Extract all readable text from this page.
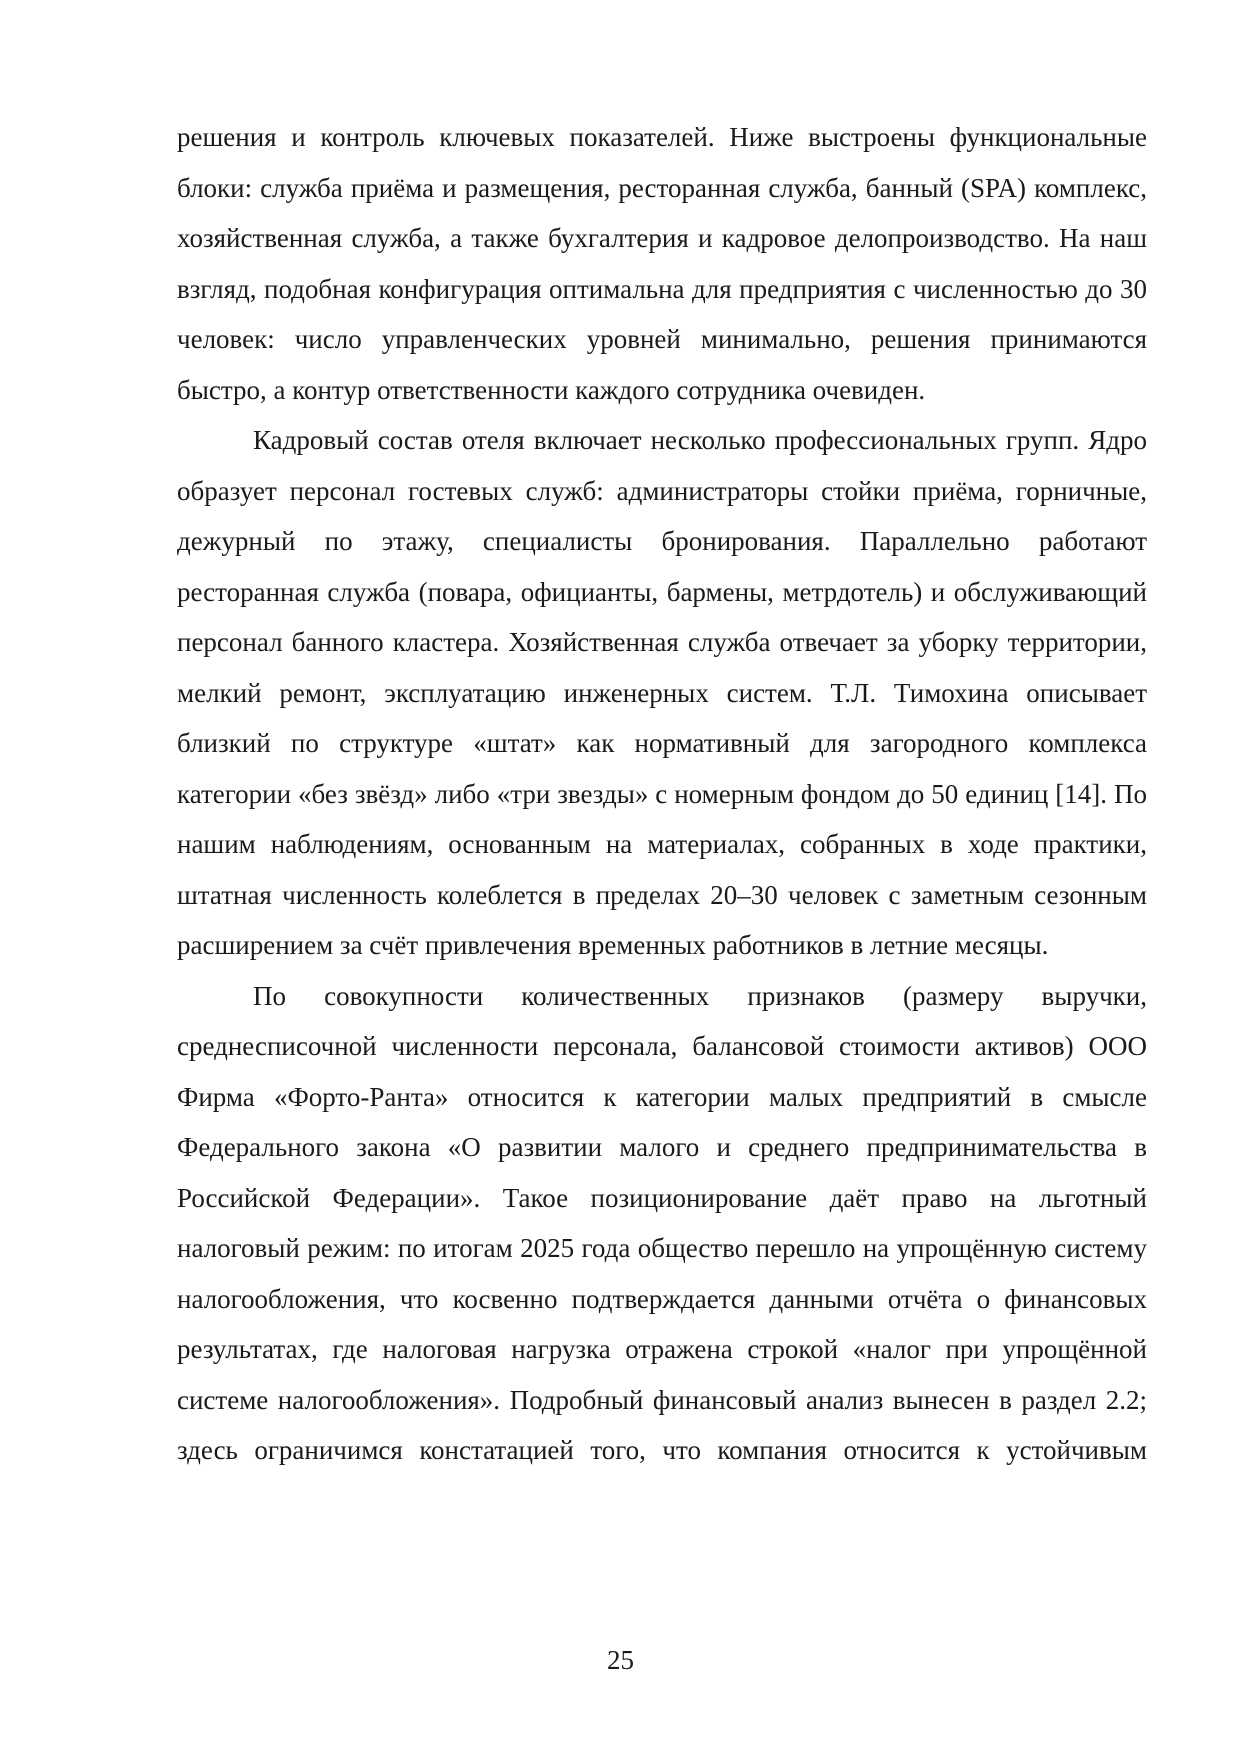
решения и контроль ключевых показателей. Ниже выстроены функциональные блоки: служба приёма и размещения, ресторанная служба, банный (SPA) комплекс, хозяйственная служба, а также бухгалтерия и кадровое делопроизводство. На наш взгляд, подобная конфигурация оптимальна для предприятия с численностью до 30 человек: число управленческих уровней минимально, решения принимаются быстро, а контур ответственности каждого сотрудника очевиден.

Кадровый состав отеля включает несколько профессиональных групп. Ядро образует персонал гостевых служб: администраторы стойки приёма, горничные, дежурный по этажу, специалисты бронирования. Параллельно работают ресторанная служба (повара, официанты, бармены, метрдотель) и обслуживающий персонал банного кластера. Хозяйственная служба отвечает за уборку территории, мелкий ремонт, эксплуатацию инженерных систем. Т.Л. Тимохина описывает близкий по структуре «штат» как нормативный для загородного комплекса категории «без звёзд» либо «три звезды» с номерным фондом до 50 единиц [14]. По нашим наблюдениям, основанным на материалах, собранных в ходе практики, штатная численность колеблется в пределах 20–30 человек с заметным сезонным расширением за счёт привлечения временных работников в летние месяцы.

По совокупности количественных признаков (размеру выручки, среднесписочной численности персонала, балансовой стоимости активов) ООО Фирма «Форто-Ранта» относится к категории малых предприятий в смысле Федерального закона «О развитии малого и среднего предпринимательства в Российской Федерации». Такое позиционирование даёт право на льготный налоговый режим: по итогам 2025 года общество перешло на упрощённую систему налогообложения, что косвенно подтверждается данными отчёта о финансовых результатах, где налоговая нагрузка отражена строкой «налог при упрощённой системе налогообложения». Подробный финансовый анализ вынесен в раздел 2.2; здесь ограничимся констатацией того, что компания относится к устойчивым

25
